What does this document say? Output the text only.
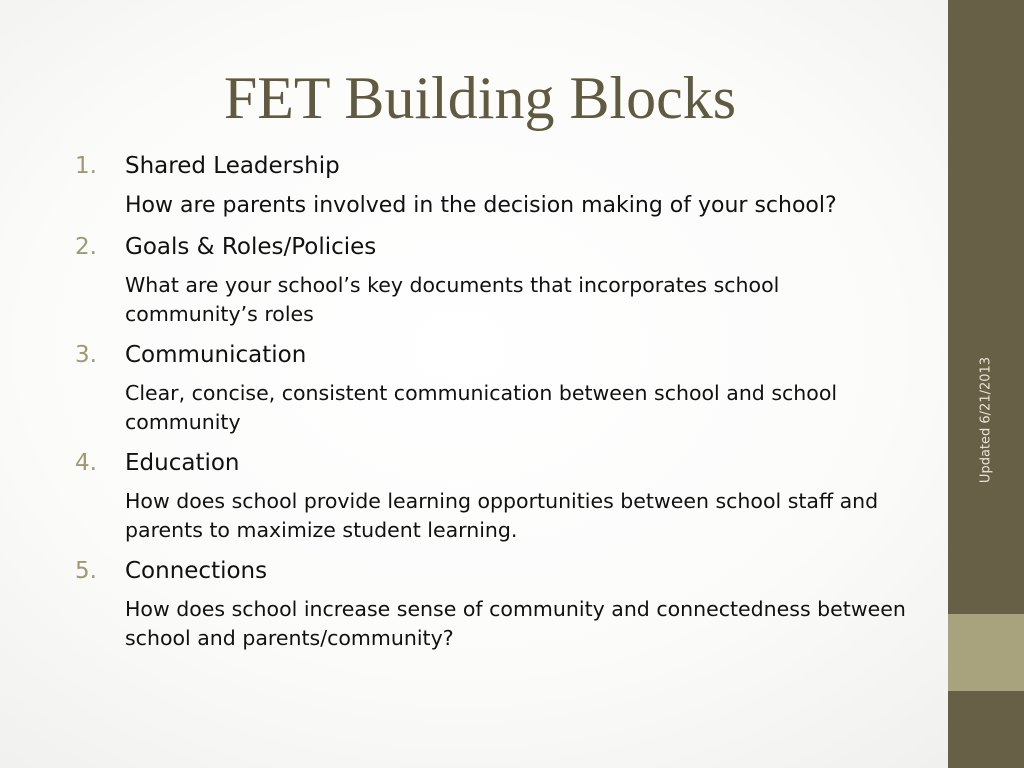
FET Building Blocks
1. Shared Leadership
How are parents involved in the decision making of your school?
2. Goals & Roles/Policies
What are your school’s key documents that incorporates school community’s roles
3. Communication
Clear, concise, consistent communication between school and school community
4. Education
How does school provide learning opportunities between school staff and parents to maximize student learning.
5. Connections
How does school increase sense of community and connectedness between school and parents/community?
Updated 6/21/2013
